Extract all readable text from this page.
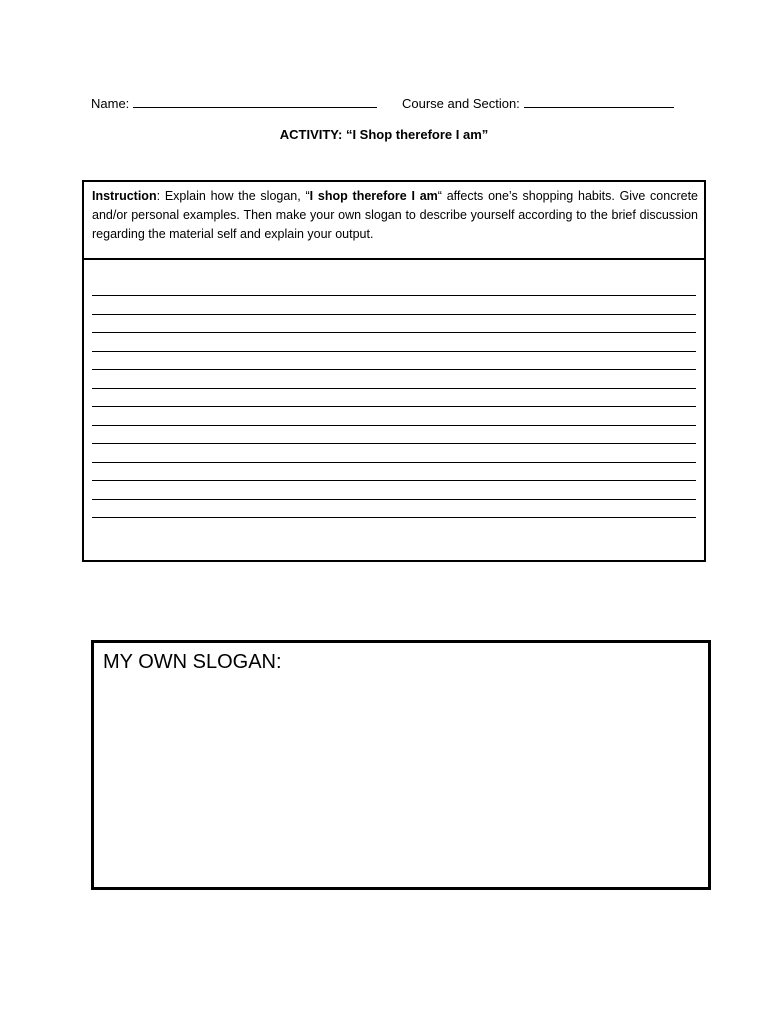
Name:	Course and Section:
ACTIVITY: “I Shop therefore I am”
Instruction: Explain how the slogan, “I shop therefore I am“ affects one’s shopping habits. Give concrete and/or personal examples. Then make your own slogan to describe yourself according to the brief discussion regarding the material self and explain your output.
MY OWN SLOGAN:
